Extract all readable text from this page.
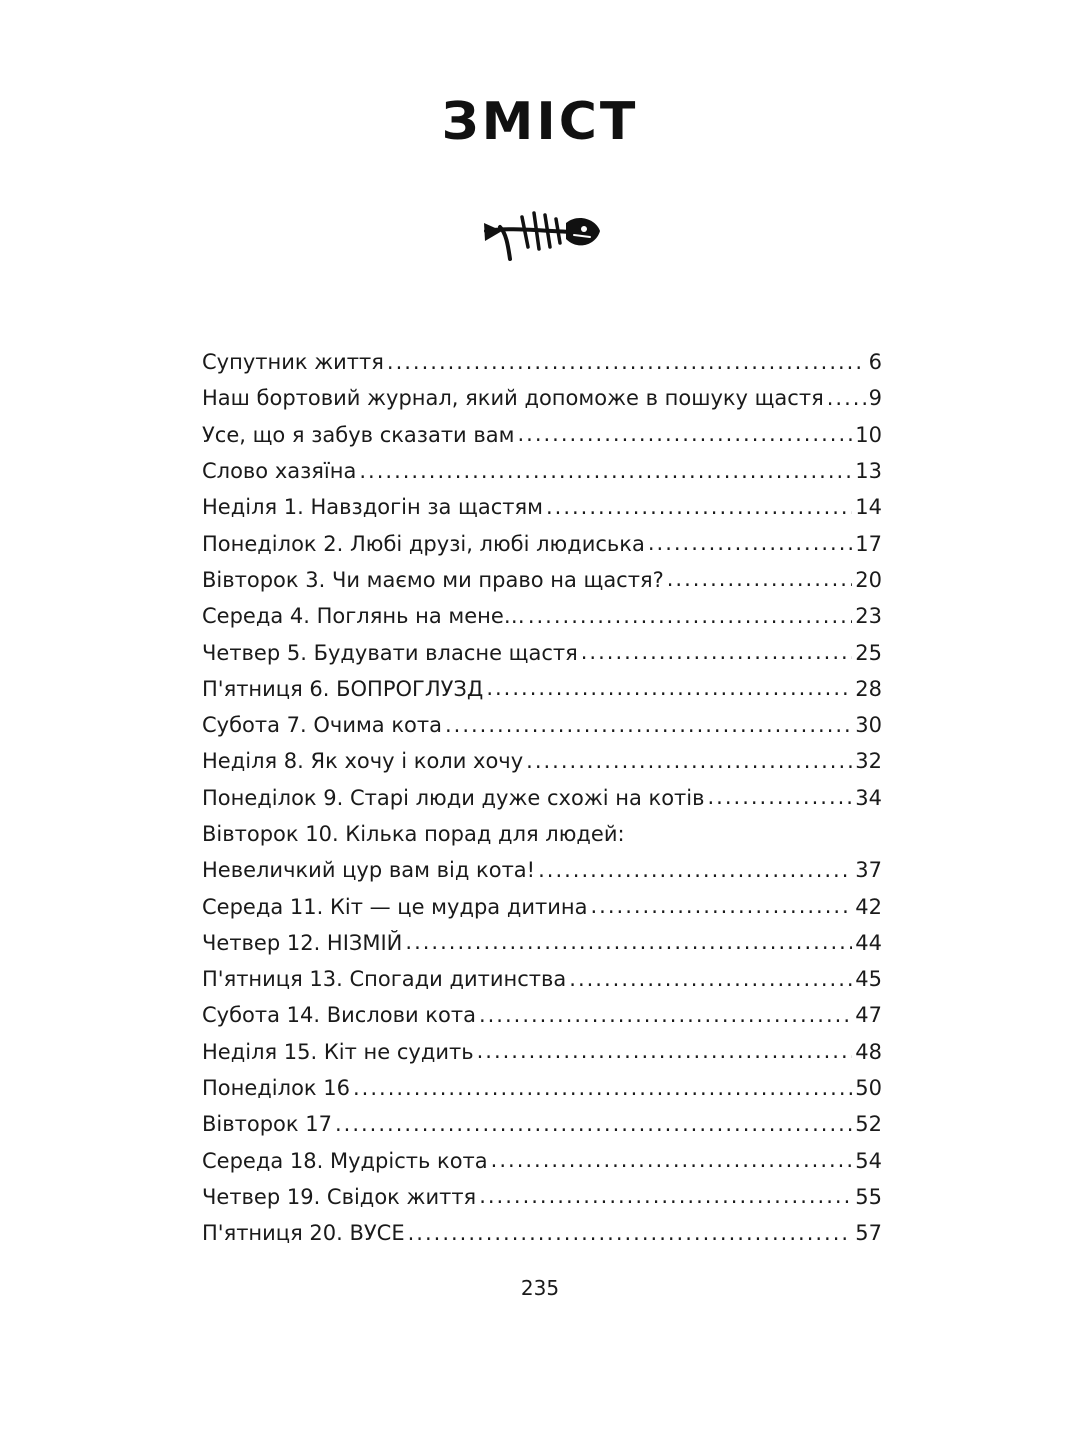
ЗМІСТ
Супутник життя .....	6
Наш бортовий журнал, який допоможе в пошуку щастя ..... 9
Усе, що я забув сказати вам .....	10
Слово хазяїна .....	13
Неділя 1. Навздогін за щастям .....	14
Понеділок 2. Любі друзі, любі людиська .....	17
Вівторок 3. Чи маємо ми право на щастя? .....	20
Середа 4. Поглянь на мене… .....	23
Четвер 5. Будувати власне щастя .....	25
П'ятниця 6. БОПРОГЛУЗД .....	28
Субота 7. Очима кота .....	30
Неділя 8. Як хочу і коли хочу .....	32
Понеділок 9. Старі люди дуже схожі на котів .....	34
Вівторок 10. Кілька порад для людей:
Невеличкий цур вам від кота! .....	37
Середа 11. Кіт — це мудра дитина .....	42
Четвер 12. НІЗМІЙ .....	44
П'ятниця 13. Спогади дитинства .....	45
Субота 14. Вислови кота .....	47
Неділя 15. Кіт не судить .....	48
Понеділок 16 .....	50
Вівторок 17 .....	52
Середа 18. Мудрість кота .....	54
Четвер 19. Свідок життя .....	55
П'ятниця 20. ВУСЕ .....	57
235
